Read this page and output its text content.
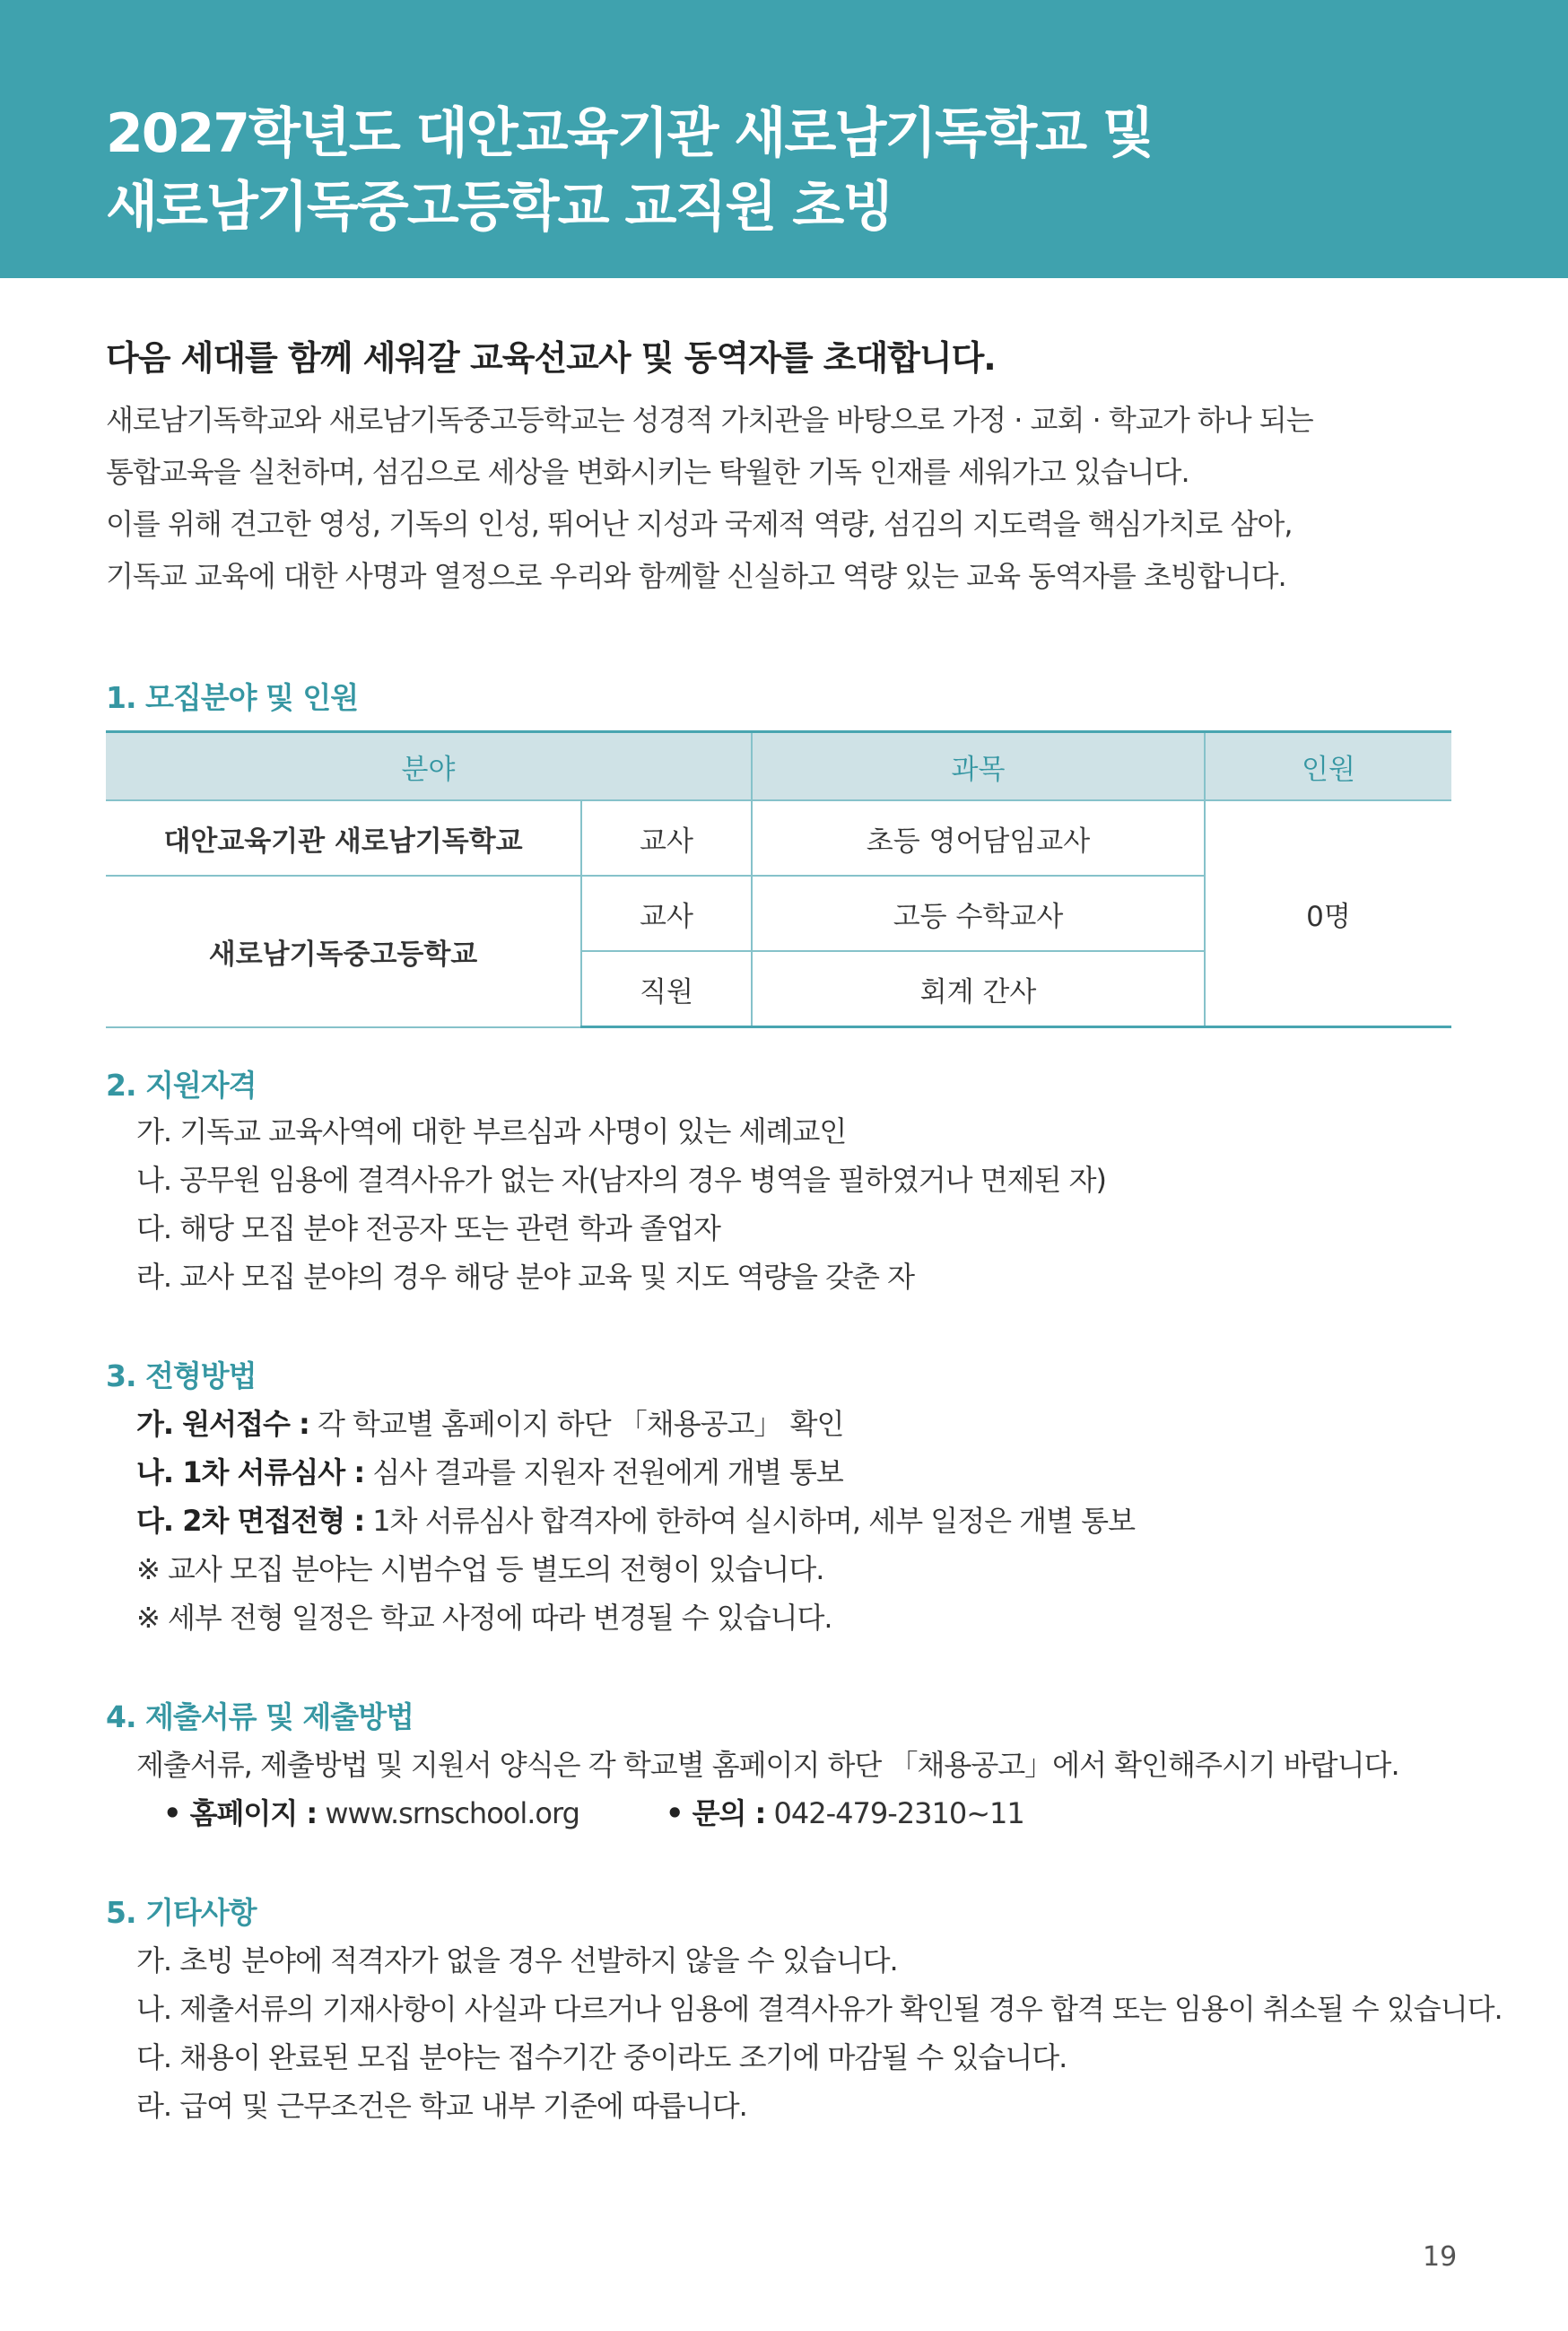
2027학년도 대안교육기관 새로남기독학교 및
새로남기독중고등학교 교직원 초빙
다음 세대를 함께 세워갈 교육선교사 및 동역자를 초대합니다.

새로남기독학교와 새로남기독중고등학교는 성경적 가치관을 바탕으로 가정 · 교회 · 학교가 하나 되는
통합교육을 실천하며, 섬김으로 세상을 변화시키는 탁월한 기독 인재를 세워가고 있습니다.
이를 위해 견고한 영성, 기독의 인성, 뛰어난 지성과 국제적 역량, 섬김의 지도력을 핵심가치로 삼아,
기독교 교육에 대한 사명과 열정으로 우리와 함께할 신실하고 역량 있는 교육 동역자를 초빙합니다.

1. 모집분야 및 인원
분야		과목	인원
대안교육기관 새로남기독학교	교사	초등 영어담임교사	0명
새로남기독중고등학교	교사	고등 수학교사	
	직원	회계 간사	
2. 지원자격
가. 기독교 교육사역에 대한 부르심과 사명이 있는 세례교인
나. 공무원 임용에 결격사유가 없는 자(남자의 경우 병역을 필하였거나 면제된 자)
다. 해당 모집 분야 전공자 또는 관련 학과 졸업자
라. 교사 모집 분야의 경우 해당 분야 교육 및 지도 역량을 갖춘 자
3. 전형방법
가. 원서접수 : 각 학교별 홈페이지 하단 「채용공고」 확인
나. 1차 서류심사 : 심사 결과를 지원자 전원에게 개별 통보
다. 2차 면접전형 : 1차 서류심사 합격자에 한하여 실시하며, 세부 일정은 개별 통보
※ 교사 모집 분야는 시범수업 등 별도의 전형이 있습니다.
※ 세부 전형 일정은 학교 사정에 따라 변경될 수 있습니다.
4. 제출서류 및 제출방법
제출서류, 제출방법 및 지원서 양식은 각 학교별 홈페이지 하단 「채용공고」에서 확인해주시기 바랍니다.
• 홈페이지 : www.srnschool.org	• 문의 : 042-479-2310~11
5. 기타사항
가. 초빙 분야에 적격자가 없을 경우 선발하지 않을 수 있습니다.
나. 제출서류의 기재사항이 사실과 다르거나 임용에 결격사유가 확인될 경우 합격 또는 임용이 취소될 수 있습니다.
다. 채용이 완료된 모집 분야는 접수기간 중이라도 조기에 마감될 수 있습니다.
라. 급여 및 근무조건은 학교 내부 기준에 따릅니다.
19
